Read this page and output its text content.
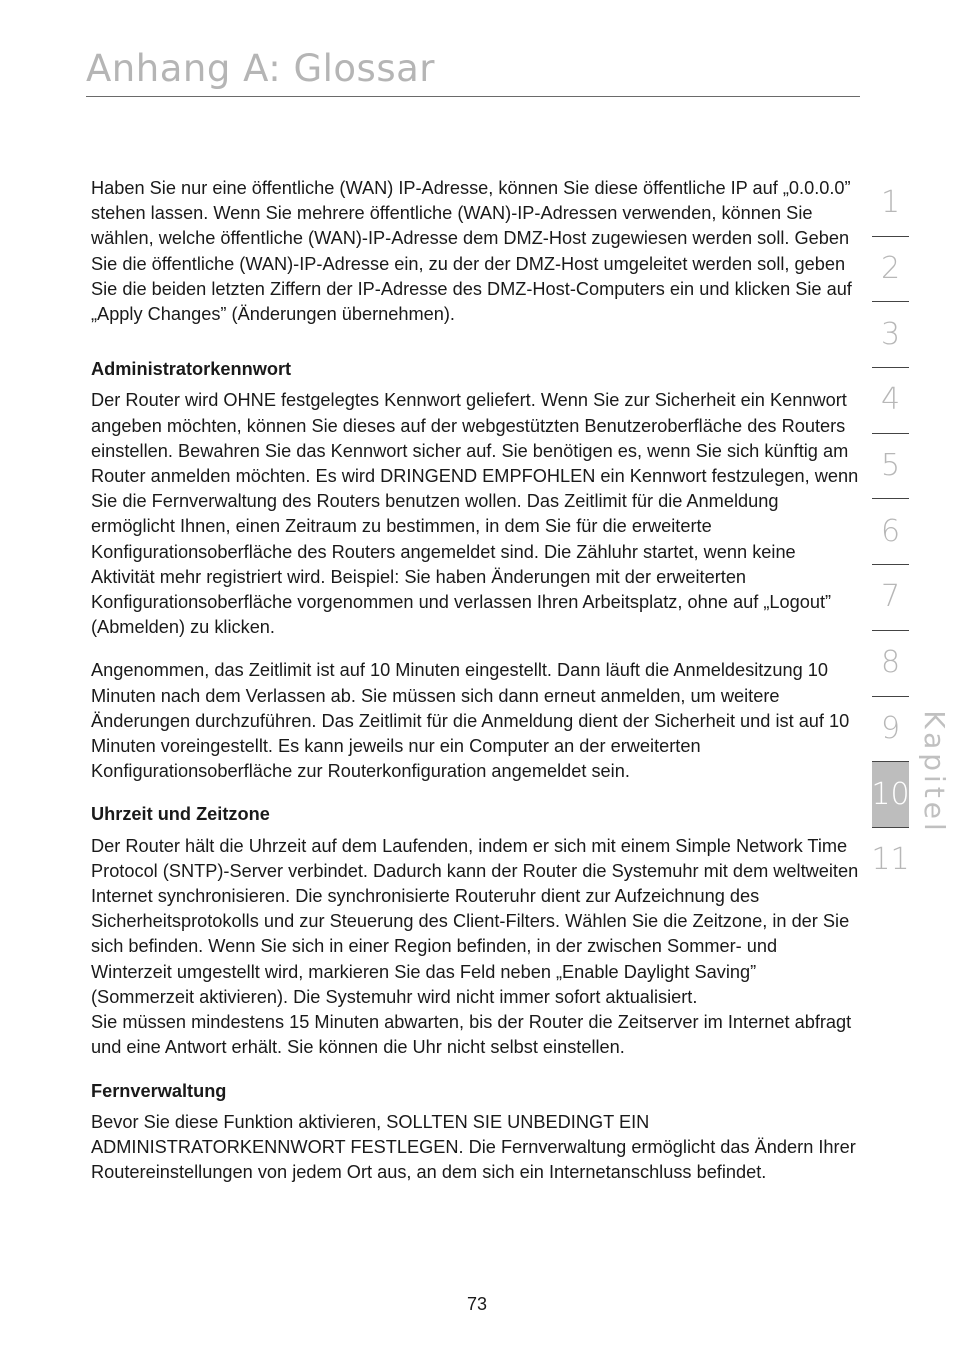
Anhang A: Glossar

Haben Sie nur eine öffentliche (WAN) IP-Adresse, können Sie diese öffentliche IP auf „0.0.0.0” stehen lassen. Wenn Sie mehrere öffentliche (WAN)-IP-Adressen verwenden, können Sie wählen, welche öffentliche (WAN)-IP-Adresse dem DMZ-Host zugewiesen werden soll. Geben Sie die öffentliche (WAN)-IP-Adresse ein, zu der der DMZ-Host umgeleitet werden soll, geben Sie die beiden letzten Ziffern der IP-Adresse des DMZ-Host-Computers ein und klicken Sie auf „Apply Changes” (Änderungen übernehmen).

Administratorkennwort

Der Router wird OHNE festgelegtes Kennwort geliefert. Wenn Sie zur Sicherheit ein Kennwort angeben möchten, können Sie dieses auf der webgestützten Benutzeroberfläche des Routers einstellen. Bewahren Sie das Kennwort sicher auf. Sie benötigen es, wenn Sie sich künftig am Router anmelden möchten. Es wird DRINGEND EMPFOHLEN ein Kennwort festzulegen, wenn Sie die Fernverwaltung des Routers benutzen wollen. Das Zeitlimit für die Anmeldung ermöglicht Ihnen, einen Zeitraum zu bestimmen, in dem Sie für die erweiterte Konfigurationsoberfläche des Routers angemeldet sind. Die Zähluhr startet, wenn keine Aktivität mehr registriert wird. Beispiel: Sie haben Änderungen mit der erweiterten Konfigurationsoberfläche vorgenommen und verlassen Ihren Arbeitsplatz, ohne auf „Logout” (Abmelden) zu klicken.

Angenommen, das Zeitlimit ist auf 10 Minuten eingestellt. Dann läuft die Anmeldesitzung 10 Minuten nach dem Verlassen ab. Sie müssen sich dann erneut anmelden, um weitere Änderungen durchzuführen. Das Zeitlimit für die Anmeldung dient der Sicherheit und ist auf 10 Minuten voreingestellt. Es kann jeweils nur ein Computer an der erweiterten Konfigurationsoberfläche zur Routerkonfiguration angemeldet sein.

Uhrzeit und Zeitzone

Der Router hält die Uhrzeit auf dem Laufenden, indem er sich mit einem Simple Network Time Protocol (SNTP)-Server verbindet. Dadurch kann der Router die Systemuhr mit dem weltweiten Internet synchronisieren. Die synchronisierte Routeruhr dient zur Aufzeichnung des Sicherheitsprotokolls und zur Steuerung des Client-Filters. Wählen Sie die Zeitzone, in der Sie sich befinden. Wenn Sie sich in einer Region befinden, in der zwischen Sommer- und Winterzeit umgestellt wird, markieren Sie das Feld neben „Enable Daylight Saving” (Sommerzeit aktivieren). Die Systemuhr wird nicht immer sofort aktualisiert.

Sie müssen mindestens 15 Minuten abwarten, bis der Router die Zeitserver im Internet abfragt und eine Antwort erhält. Sie können die Uhr nicht selbst einstellen.

Fernverwaltung

Bevor Sie diese Funktion aktivieren, SOLLTEN SIE UNBEDINGT EIN ADMINISTRATORKENNWORT FESTLEGEN. Die Fernverwaltung ermöglicht das Ändern Ihrer Routereinstellungen von jedem Ort aus, an dem sich ein Internetanschluss befindet.

1
2
3
4
5
6
7
8
9
10
11
Kapitel
73
